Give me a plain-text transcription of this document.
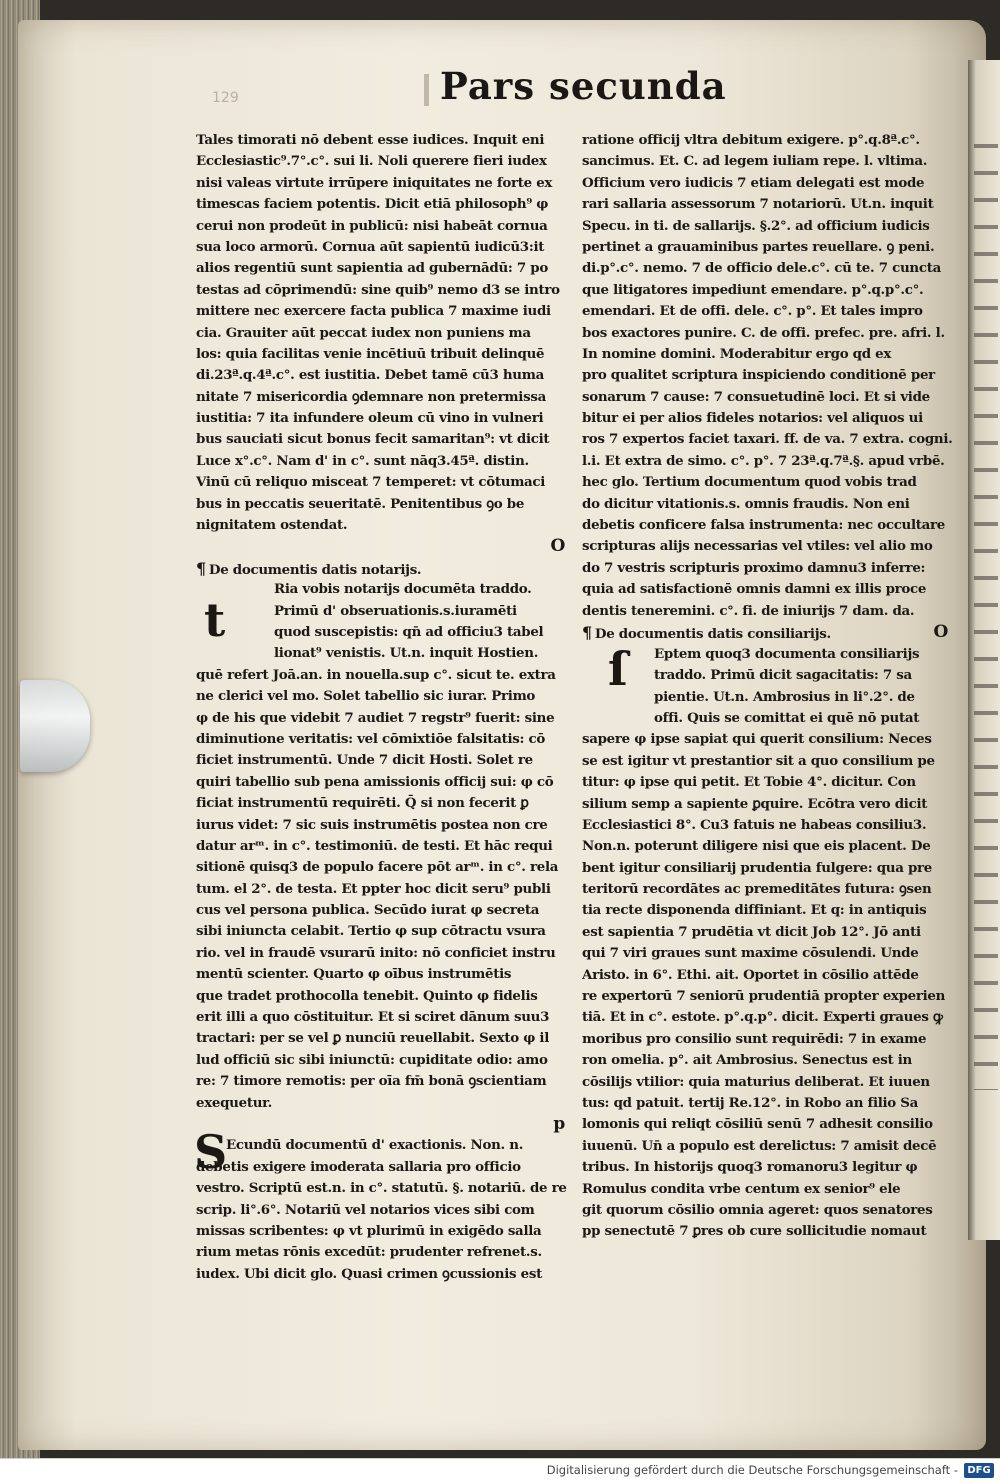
129	Pars secunda
Tales timorati nō debent esse iudices. Inquit eni
Ecclesiastic⁹.7°.c°. sui li. Noli querere fieri iudex
nisi valeas virtute irrūpere iniquitates ne forte ex
timescas faciem potentis. Dicit etiā philosoph⁹ φ
cerui non prodeūt in publicū: nisi habeāt cornua
sua loco armorū. Cornua aūt sapientū iudicū3:it
alios regentiū sunt sapientia ad gubernādū: 7 po
testas ad cōprimendū: sine quib⁹ nemo d3 se intro
mittere nec exercere facta publica 7 maxime iudi
cia. Grauiter aūt peccat iudex non puniens ma
los: quia facilitas venie incētiuū tribuit delinquē
di.23ª.q.4ª.c°. est iustitia. Debet tamē cū3 huma
nitate 7 misericordia ꝯdemnare non pretermissa
iustitia: 7 ita infundere oleum cū vino in vulneri
bus sauciati sicut bonus fecit samaritan⁹: vt dicit
Luce x°.c°. Nam d' in c°. sunt nāq3.45ª. distin.
Vinū cū reliquo misceat 7 temperet: vt cōtumaci
bus in peccatis seueritatē. Penitentibus ꝯo be
nignitatem ostendat.
O
¶ De documentis datis notarijs.
t
Ria vobis notarijs documēta traddo.
Primū d' obseruationis.s.iuramēti
quod suscepistis: qn̄ ad officiu3 tabel
lionat⁹ venistis. Ut.n. inquit Hostien.
quē refert Joā.an. in nouella.sup c°. sicut te. extra
ne clerici vel mo. Solet tabellio sic iurar. Primo
φ de his que videbit 7 audiet 7 regstr⁹ fuerit: sine
diminutione veritatis: vel cōmixtiōe falsitatis: cō
ficiet instrumentū. Unde 7 dicit Hosti. Solet re
quiri tabellio sub pena amissionis officij sui: φ cō
ficiat instrumentū requirēti. Q̄ si non fecerit ꝑ
iurus videt: 7 sic suis instrumētis postea non cre
datur arᵐ. in c°. testimoniū. de testi. Et hāc requi
sitionē quisq3 de populo facere pōt arᵐ. in c°. rela
tum. el 2°. de testa. Et ppter hoc dicit seru⁹ publi
cus vel persona publica. Secūdo iurat φ secreta
sibi iniuncta celabit. Tertio φ sup cōtractu vsura
rio. vel in fraudē vsurarū inito: nō conficiet instru
mentū scienter. Quarto φ oībus instrumētis
que tradet prothocolla tenebit. Quinto φ fidelis
erit illi a quo cōstituitur. Et si sciret dānum suu3
tractari: per se vel ꝑ nunciū reuellabit. Sexto φ il
lud officiū sic sibi iniunctū: cupiditate odio: amo
re: 7 timore remotis: per oīa fm̄ bonā ꝯscientiam
exequetur.
p
S Ecundū documentū d' exactionis. Non. n.
debetis exigere imoderata sallaria pro officio
vestro. Scriptū est.n. in c°. statutū. §. notariū. de re
scrip. li°.6°. Notariū vel notarios vices sibi com
missas scribentes: φ vt plurimū in exigēdo salla
rium metas rōnis excedūt: prudenter refrenet.s.
iudex. Ubi dicit glo. Quasi crimen ꝯcussionis est
ratione officij vltra debitum exigere. p°.q.8ª.c°.
sancimus. Et. C. ad legem iuliam repe. l. vltima.
Officium vero iudicis 7 etiam delegati est mode
rari sallaria assessorum 7 notariorū. Ut.n. inquit
Specu. in ti. de sallarijs. §.2°. ad officium iudicis
pertinet a grauaminibus partes reuellare. ꝯ peni.
di.p°.c°. nemo. 7 de officio dele.c°. cū te. 7 cuncta
que litigatores impediunt emendare. p°.q.p°.c°.
emendari. Et de offi. dele. c°. p°. Et tales impro
bos exactores punire. C. de offi. prefec. pre. afri. l.
In nomine domini. Moderabitur ergo qd ex
pro qualitet scriptura inspiciendo conditionē per
sonarum 7 cause: 7 consuetudinē loci. Et si vide
bitur ei per alios fideles notarios: vel aliquos ui
ros 7 expertos faciet taxari. ff. de va. 7 extra. cogni.
l.i. Et extra de simo. c°. p°. 7 23ª.q.7ª.§. apud vrbē.
hec glo. Tertium documentum quod vobis trad
do dicitur vitationis.s. omnis fraudis. Non eni
debetis conficere falsa instrumenta: nec occultare
scripturas alijs necessarias vel vtiles: vel alio mo
do 7 vestris scripturis proximo damnu3 inferre:
quia ad satisfactionē omnis damni ex illis proce
dentis teneremini. c°. fi. de iniurijs 7 dam. da.
¶ De documentis datis consiliarijs.	O
ſ	Eptem quoq3 documenta consiliarijs
traddo. Primū dicit sagacitatis: 7 sa
pientie. Ut.n. Ambrosius in li°.2°. de
offi. Quis se comittat ei quē nō putat
sapere φ ipse sapiat qui querit consilium: Neces
se est igitur vt prestantior sit a quo consilium pe
titur: φ ipse qui petit. Et Tobie 4°. dicitur. Con
silium semp a sapiente ꝑquire. Ecōtra vero dicit
Ecclesiastici 8°. Cu3 fatuis ne habeas consiliu3.
Non.n. poterunt diligere nisi que eis placent. De
bent igitur consiliarij prudentia fulgere: qua pre
teritorū recordātes ac premeditātes futura: ꝯsen
tia recte disponenda diffiniant. Et q: in antiquis
est sapientia 7 prudētia vt dicit Job 12°. Jō anti
qui 7 viri graues sunt maxime cōsulendi. Unde
Aristo. in 6°. Ethi. ait. Oportet in cōsilio attēde
re expertorū 7 seniorū prudentiā propter experien
tiā. Et in c°. estote. p°.q.p°. dicit. Experti graues ꝙ
moribus pro consilio sunt requirēdi: 7 in exame
ron omelia. p°. ait Ambrosius. Senectus est in
cōsilijs vtilior: quia maturius deliberat. Et iuuen
tus: qd patuit. tertij Re.12°. in Robo an filio Sa
lomonis qui reliqt cōsiliū senū 7 adhesit consilio
iuuenū. Un̄ a populo est derelictus: 7 amisit decē
tribus. In historijs quoq3 romanoru3 legitur φ
Romulus condita vrbe centum ex senior⁹ ele
git quorum cōsilio omnia ageret: quos senatores
pp senectutē 7 ꝑres ob cure sollicitudie nomaut
Digitalisierung gefördert durch die Deutsche Forschungsgemeinschaft - DFG
